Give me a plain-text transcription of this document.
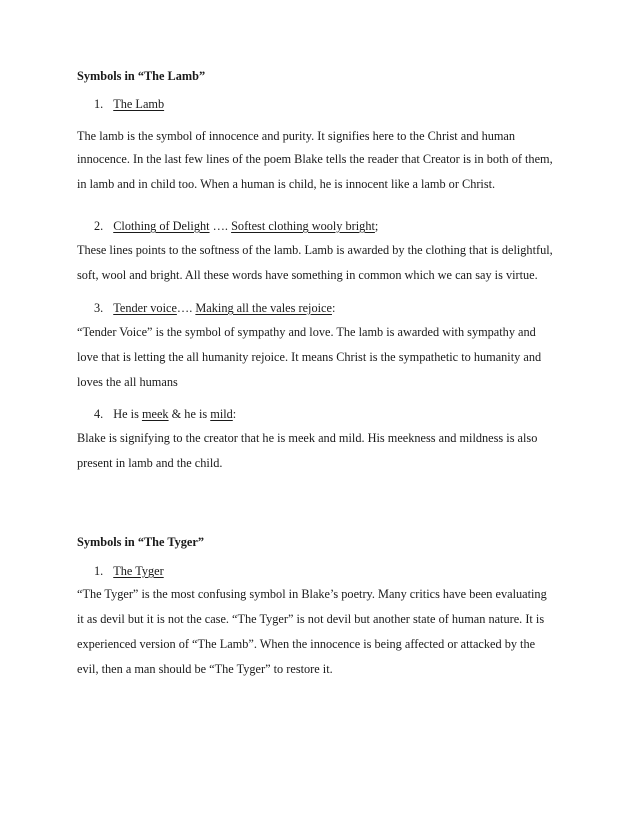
Symbols in “The Lamb”
1. The Lamb
The lamb is the symbol of innocence and purity. It signifies here to the Christ and human
innocence. In the last few lines of the poem Blake tells the reader that Creator is in both of them,
in lamb and in child too. When a human is child, he is innocent like a lamb or Christ.
2. Clothing of Delight …. Softest clothing wooly bright;
These lines points to the softness of the lamb. Lamb is awarded by the clothing that is delightful,
soft, wool and bright. All these words have something in common which we can say is virtue.
3. Tender voice…. Making all the vales rejoice:
“Tender Voice” is the symbol of sympathy and love. The lamb is awarded with sympathy and
love that is letting the all humanity rejoice. It means Christ is the sympathetic to humanity and
loves the all humans
4. He is meek & he is mild:
Blake is signifying to the creator that he is meek and mild. His meekness and mildness is also
present in lamb and the child.
Symbols in “The Tyger”
1. The Tyger
“The Tyger” is the most confusing symbol in Blake’s poetry. Many critics have been evaluating
it as devil but it is not the case. “The Tyger” is not devil but another state of human nature. It is
experienced version of “The Lamb”. When the innocence is being affected or attacked by the
evil, then a man should be “The Tyger” to restore it.
